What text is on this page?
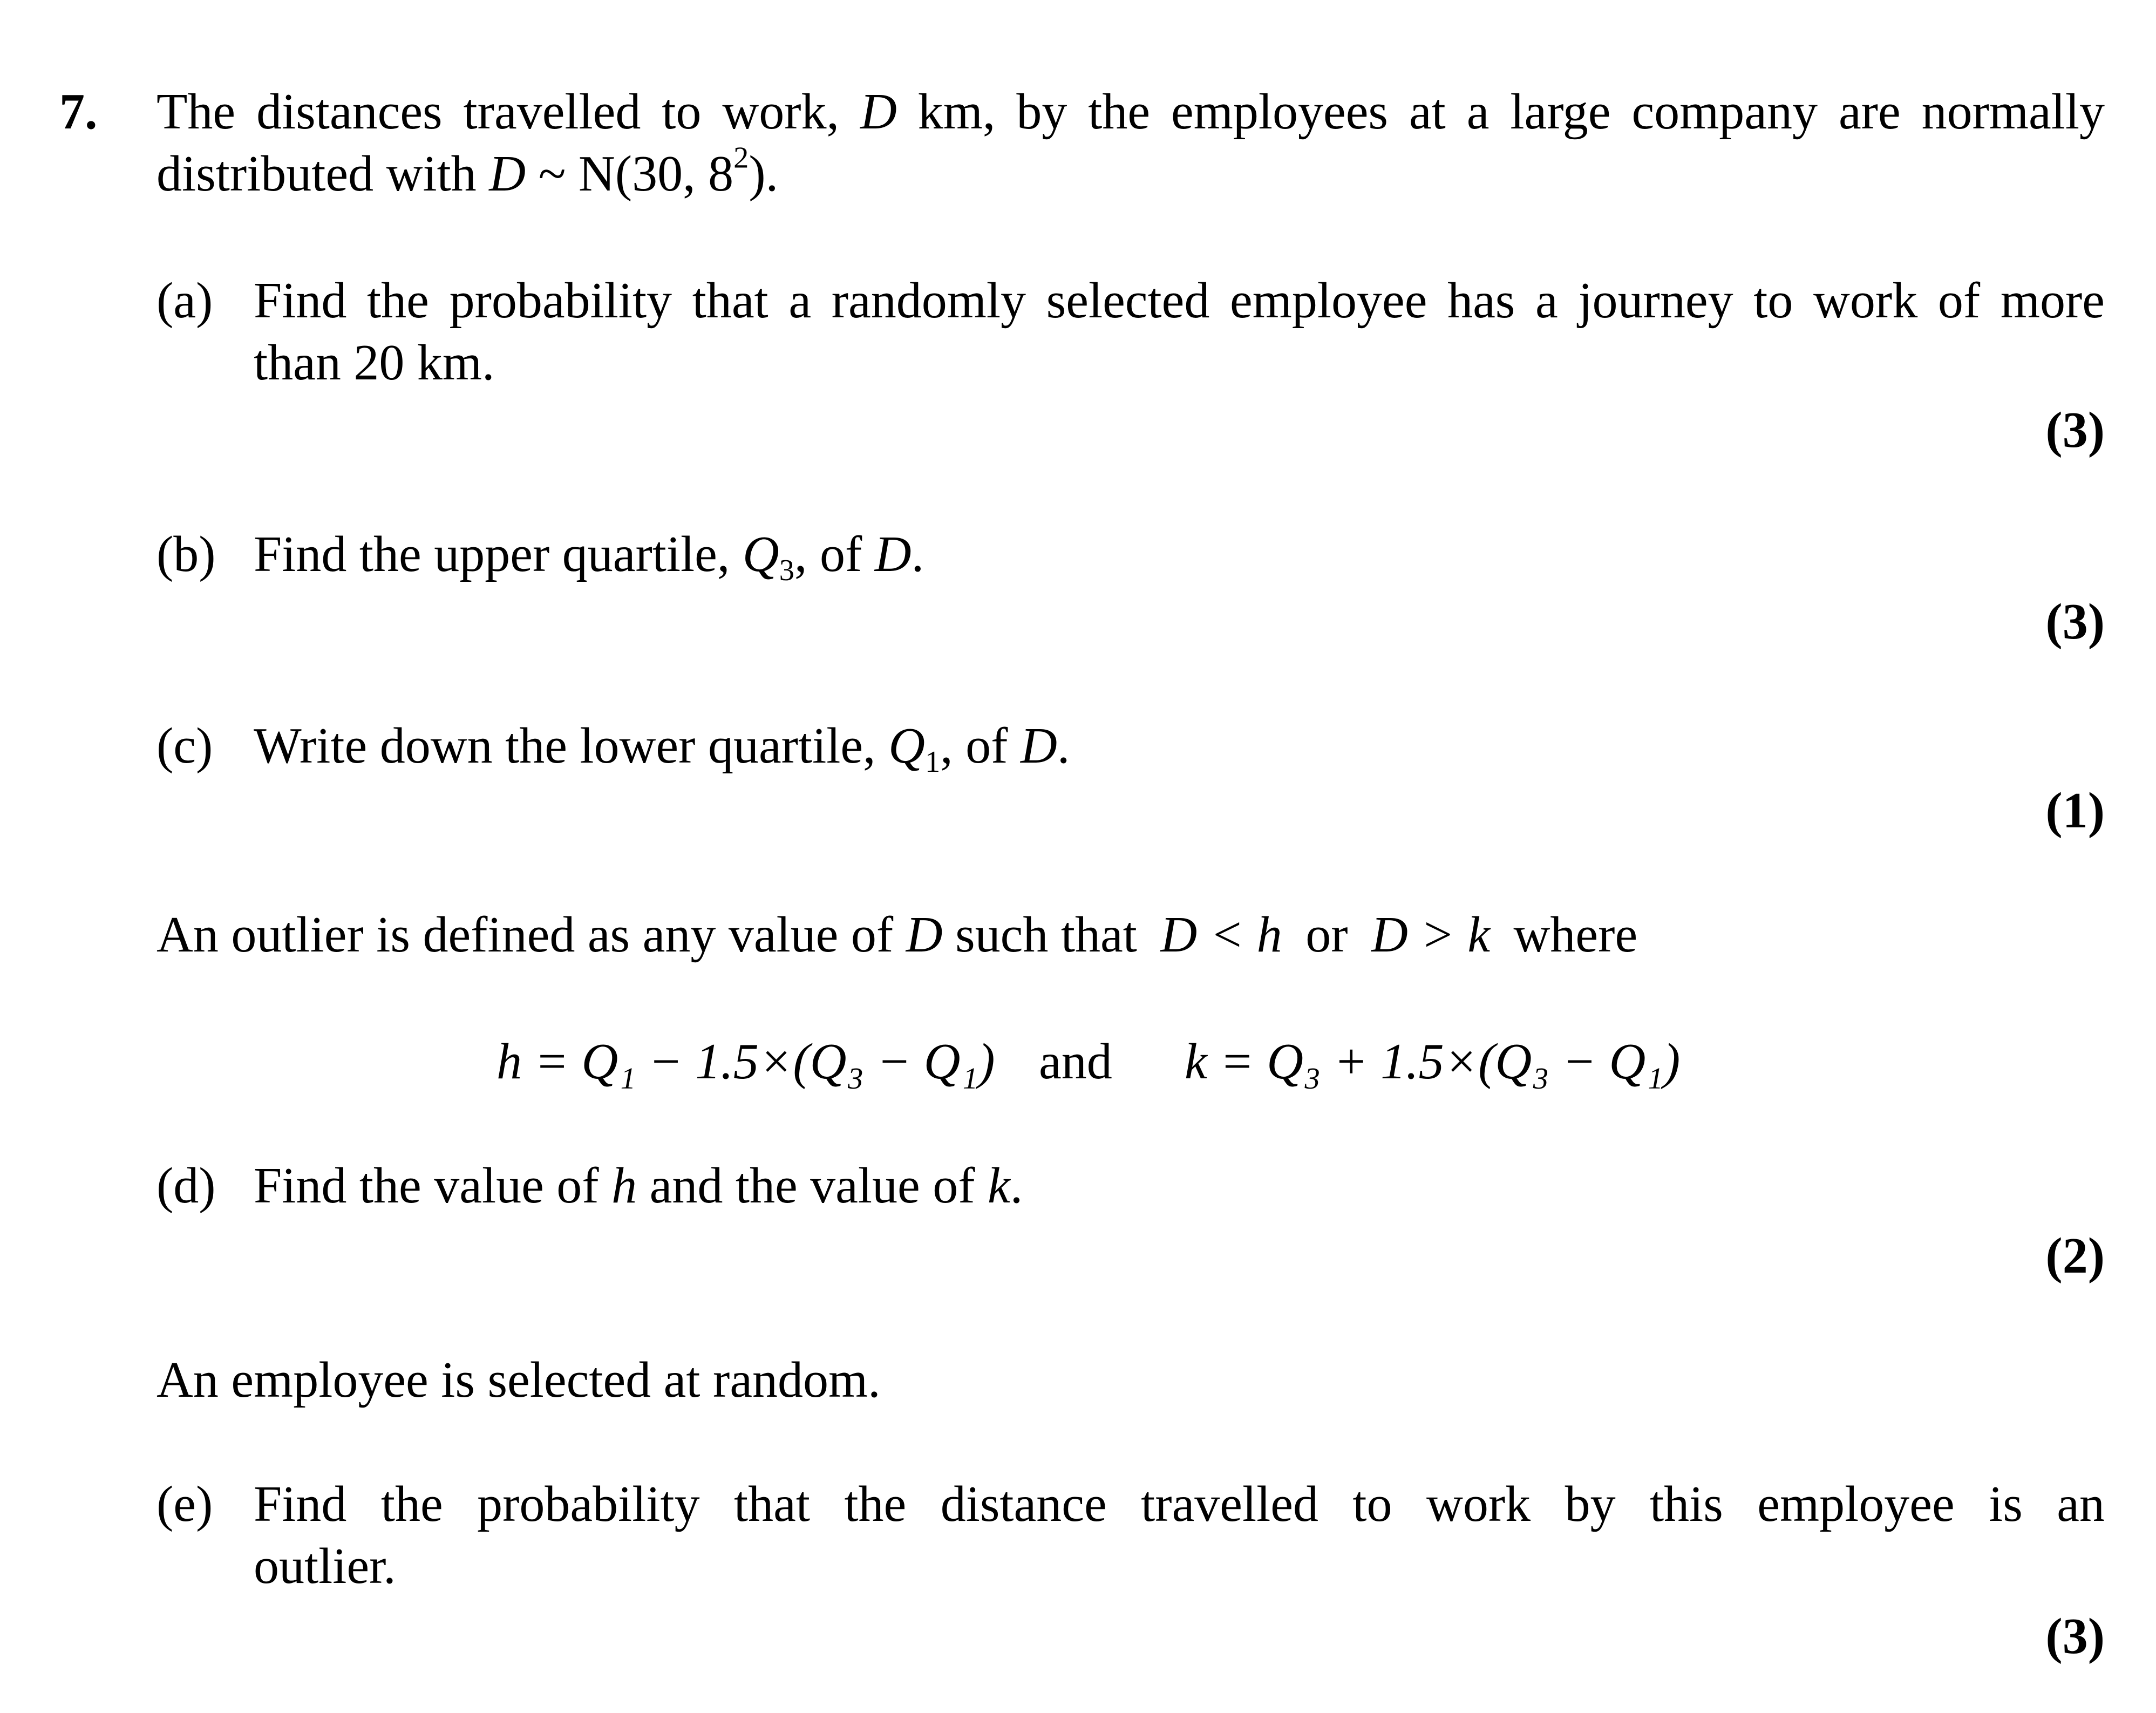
7. The distances travelled to work, D km, by the employees at a large company are normally
distributed with D ~ N(30, $8^2$).
(a) Find the probability that a randomly selected employee has a journey to work of more
than 20 km.
(3)
(b) Find the upper quartile, $Q_3$, of D.
(3)
(c) Write down the lower quartile, $Q_1$, of D.
(1)
An outlier is defined as any value of D such that D < h or D > k where
h = Q₁ − 1.5×(Q₃ − Q₁) and k = Q₃ + 1.5×(Q₃ − Q₁)
(d) Find the value of h and the value of k.
(2)
An employee is selected at random.
(e) Find the probability that the distance travelled to work by this employee is an
outlier.
(3)
